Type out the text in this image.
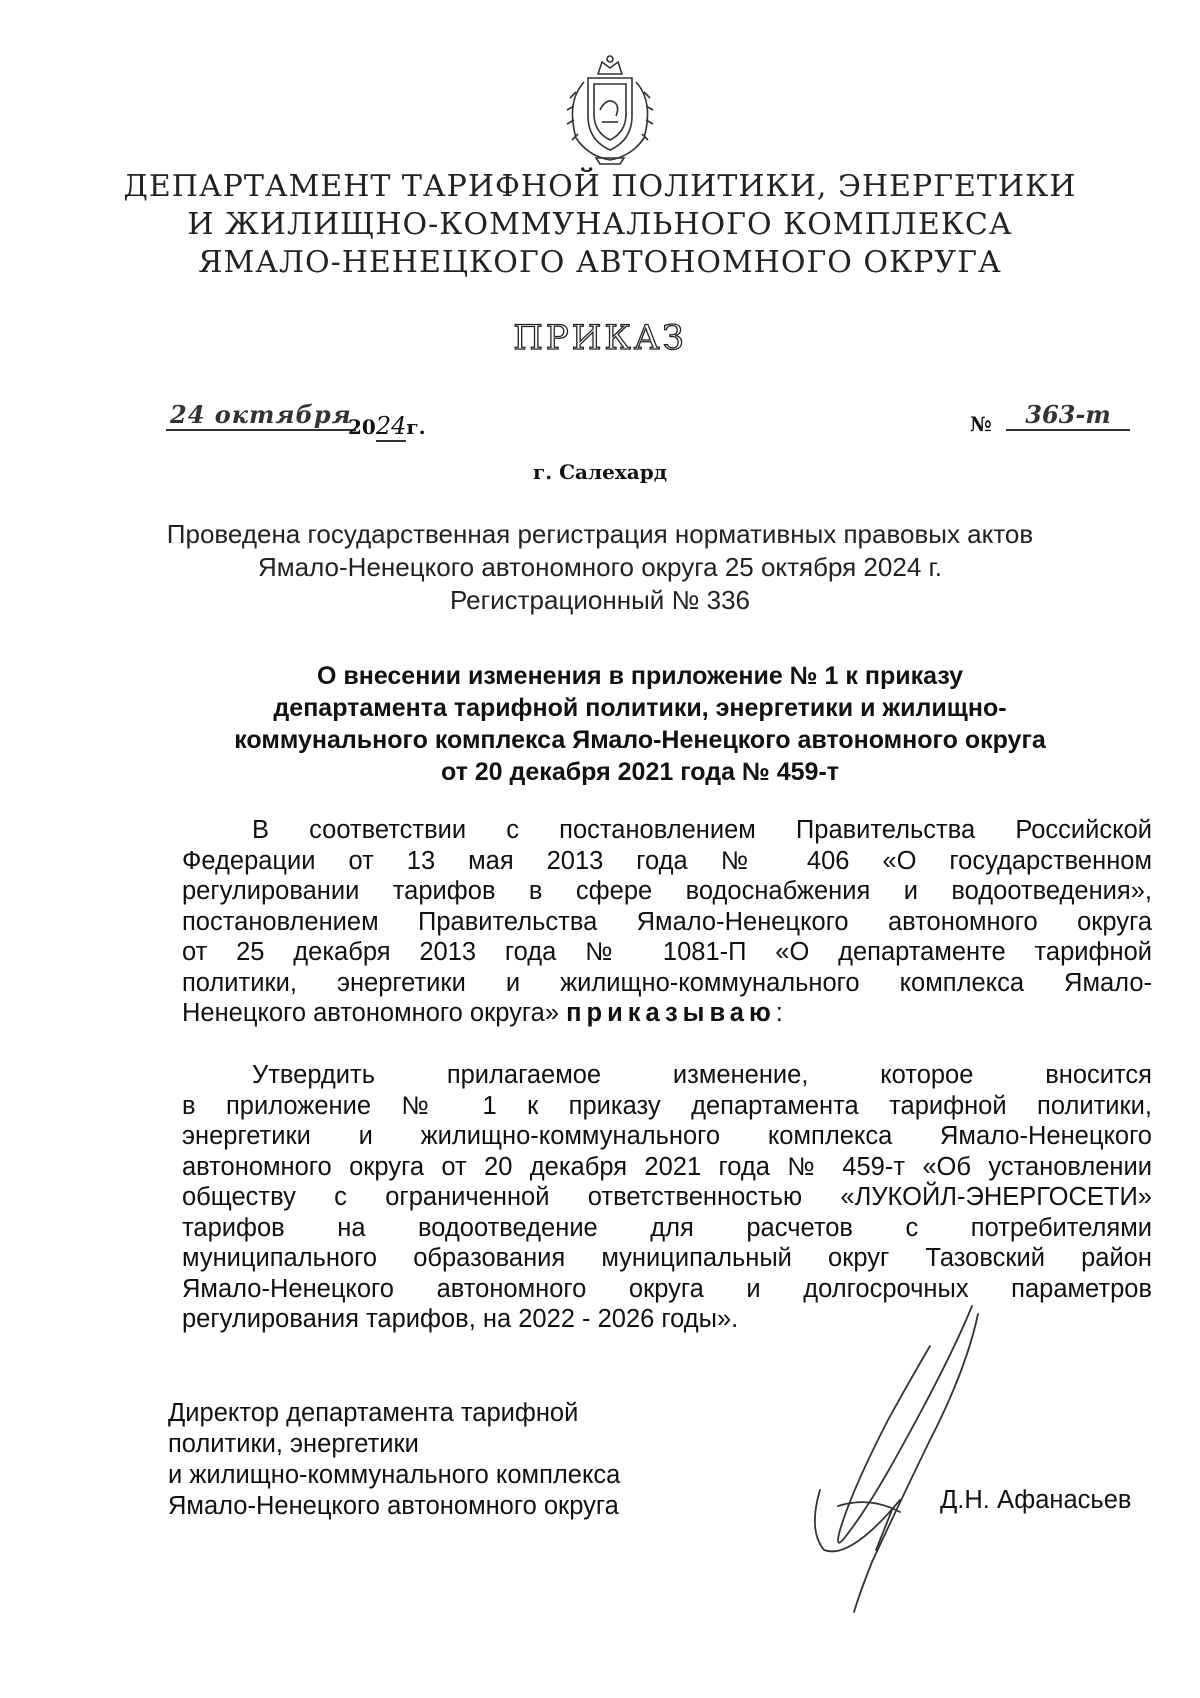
ДЕПАРТАМЕНТ ТАРИФНОЙ ПОЛИТИКИ, ЭНЕРГЕТИКИ
И ЖИЛИЩНО-КОММУНАЛЬНОГО КОМПЛЕКСА
ЯМАЛО-НЕНЕЦКОГО АВТОНОМНОГО ОКРУГА
ПРИКАЗ
24 октября
2024г.	№	363-т
г. Салехард
Проведена государственная регистрация нормативных правовых актов
Ямало-Ненецкого автономного округа 25 октября 2024 г.
Регистрационный № 336
О внесении изменения в приложение № 1 к приказу
департамента тарифной политики, энергетики и жилищно-
коммунального комплекса Ямало-Ненецкого автономного округа
от 20 декабря 2021 года № 459-т
В соответствии с постановлением Правительства Российской
Федерации от 13 мая 2013 года № 406 «О государственном
регулировании тарифов в сфере водоснабжения и водоотведения»,
постановлением Правительства Ямало-Ненецкого автономного округа
от 25 декабря 2013 года № 1081-П «О департаменте тарифной
политики, энергетики и жилищно-коммунального комплекса Ямало-
Ненецкого автономного округа» приказываю:
Утвердить прилагаемое изменение, которое вносится
в приложение № 1 к приказу департамента тарифной политики,
энергетики и жилищно-коммунального комплекса Ямало-Ненецкого
автономного округа от 20 декабря 2021 года № 459-т «Об установлении
обществу с ограниченной ответственностью «ЛУКОЙЛ-ЭНЕРГОСЕТИ»
тарифов на водоотведение для расчетов с потребителями
муниципального образования муниципальный округ Тазовский район
Ямало-Ненецкого автономного округа и долгосрочных параметров
регулирования тарифов, на 2022 - 2026 годы».
Директор департамента тарифной
политики, энергетики
и жилищно-коммунального комплекса
Ямало-Ненецкого автономного округа	Д.Н. Афанасьев
